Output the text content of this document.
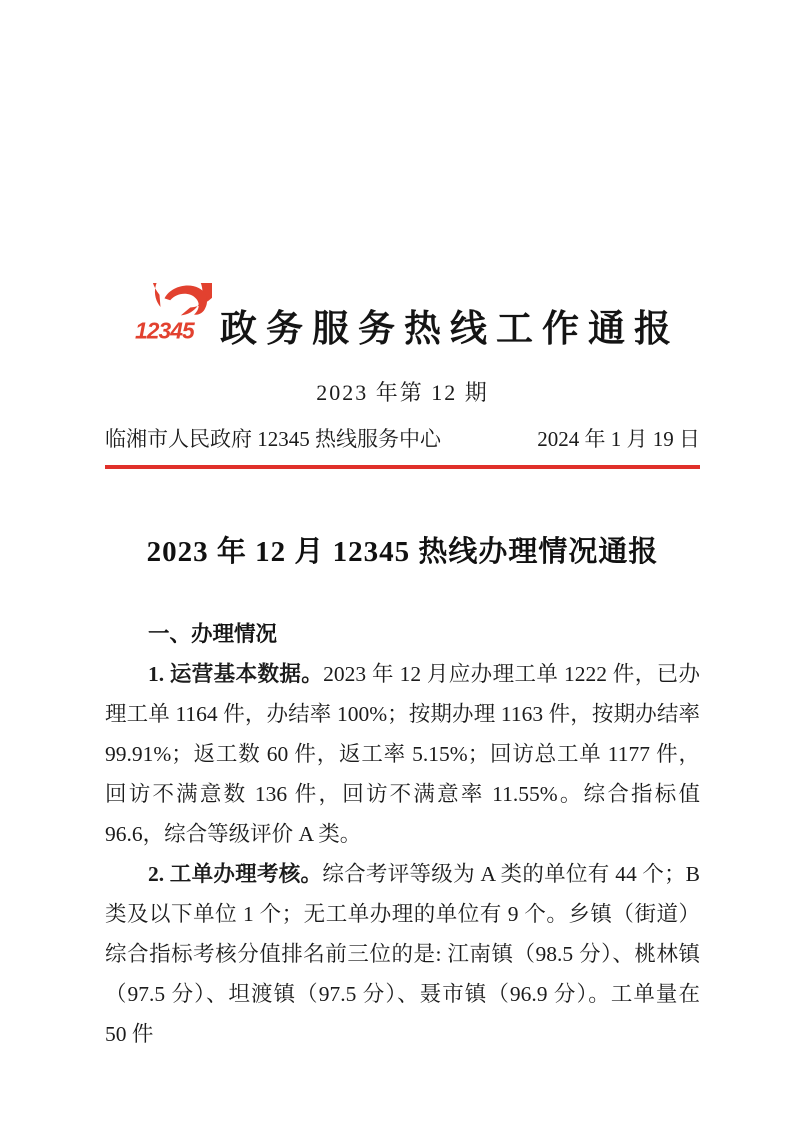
12345 政务服务热线工作通报
2023 年第 12 期
临湘市人民政府 12345 热线服务中心	2024 年 1 月 19 日
2023 年 12 月 12345 热线办理情况通报

一、办理情况

1. 运营基本数据。2023 年 12 月应办理工单 1222 件，已办理工单 1164 件，办结率 100%；按期办理 1163 件，按期办结率 99.91%；返工数 60 件，返工率 5.15%；回访总工单 1177 件，回访不满意数 136 件，回访不满意率 11.55%。综合指标值 96.6，综合等级评价 A 类。

2. 工单办理考核。综合考评等级为 A 类的单位有 44 个；B 类及以下单位 1 个；无工单办理的单位有 9 个。乡镇（街道）综合指标考核分值排名前三位的是: 江南镇（98.5 分）、桃林镇（97.5 分）、坦渡镇（97.5 分）、聂市镇（96.9 分）。工单量在 50 件
